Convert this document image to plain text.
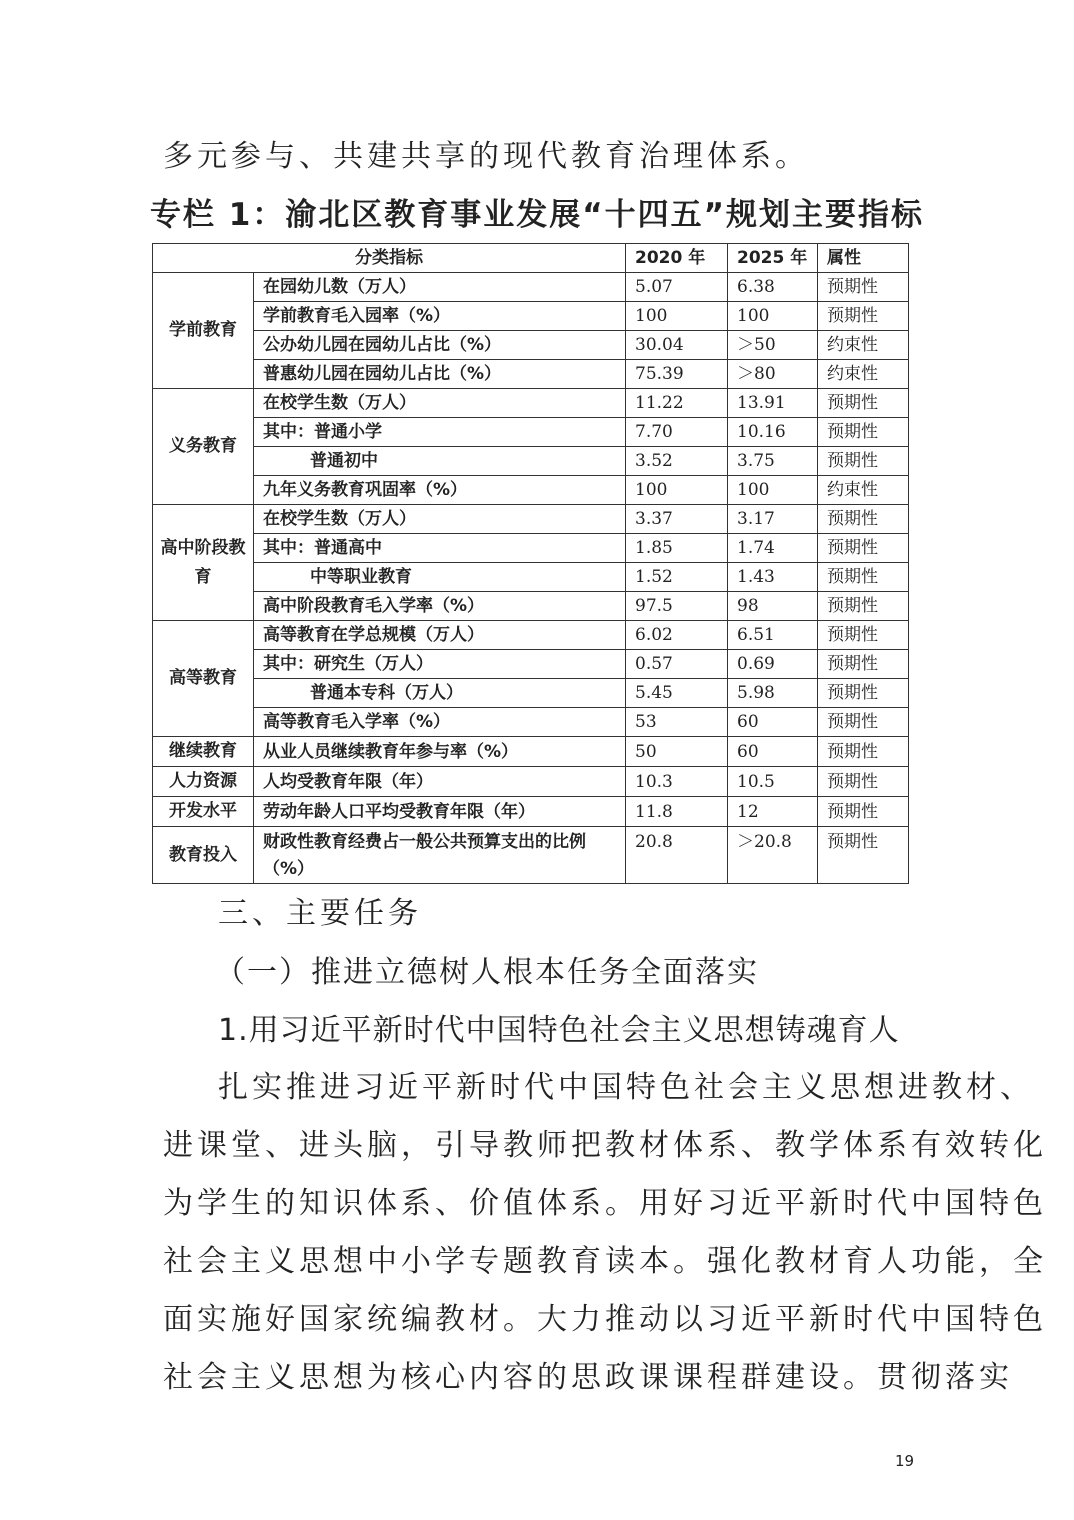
多元参与、共建共享的现代教育治理体系。
专栏 1：渝北区教育事业发展“十四五”规划主要指标
分类指标		2020 年	2025 年	属性
学前教育	在园幼儿数（万人）	5.07	6.38	预期性
	学前教育毛入园率（%）	100	100	预期性
	公办幼儿园在园幼儿占比（%）	30.04	＞50	约束性
	普惠幼儿园在园幼儿占比（%）	75.39	＞80	约束性
义务教育	在校学生数（万人）	11.22	13.91	预期性
	其中：普通小学	7.70	10.16	预期性
	普通初中	3.52	3.75	预期性
	九年义务教育巩固率（%）	100	100	约束性
高中阶段教育	在校学生数（万人）	3.37	3.17	预期性
	其中：普通高中	1.85	1.74	预期性
	中等职业教育	1.52	1.43	预期性
	高中阶段教育毛入学率（%）	97.5	98	预期性
高等教育	高等教育在学总规模（万人）	6.02	6.51	预期性
	其中：研究生（万人）	0.57	0.69	预期性
	普通本专科（万人）	5.45	5.98	预期性
	高等教育毛入学率（%）	53	60	预期性
继续教育	从业人员继续教育年参与率（%）	50	60	预期性
人力资源	人均受教育年限（年）	10.3	10.5	预期性
开发水平	劳动年龄人口平均受教育年限（年）	11.8	12	预期性
教育投入	财政性教育经费占一般公共预算支出的比例（%）	20.8	＞20.8	预期性
三、主要任务
（一）推进立德树人根本任务全面落实
1.用习近平新时代中国特色社会主义思想铸魂育人
扎实推进习近平新时代中国特色社会主义思想进教材、
进课堂、进头脑，引导教师把教材体系、教学体系有效转化
为学生的知识体系、价值体系。用好习近平新时代中国特色
社会主义思想中小学专题教育读本。强化教材育人功能，全
面实施好国家统编教材。大力推动以习近平新时代中国特色
社会主义思想为核心内容的思政课课程群建设。贯彻落实
19
